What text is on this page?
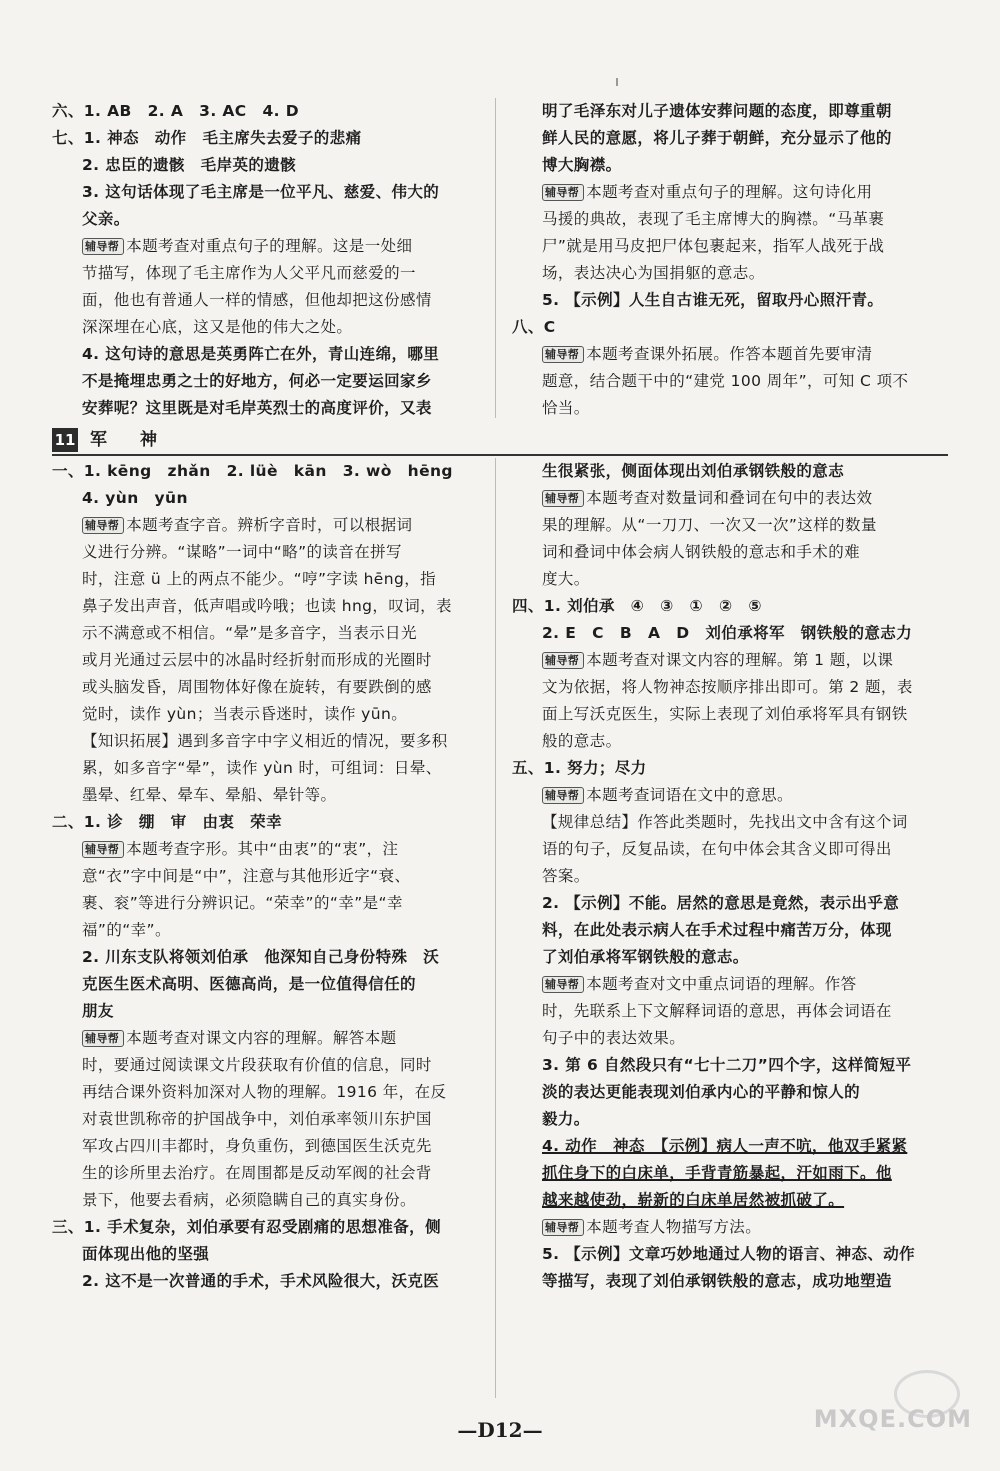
六、1. AB　2. A　3. AC　4. D

七、1. 神态　动作　毛主席失去爱子的悲痛

2. 忠臣的遗骸　毛岸英的遗骸

3. 这句话体现了毛主席是一位平凡、慈爱、伟大的

父亲。

辅导帮 本题考查对重点句子的理解。这是一处细

节描写，体现了毛主席作为人父平凡而慈爱的一

面，他也有普通人一样的情感，但他却把这份感情

深深埋在心底，这又是他的伟大之处。

4. 这句诗的意思是英勇阵亡在外，青山连绵，哪里

不是掩埋忠勇之士的好地方，何必一定要运回家乡

安葬呢？这里既是对毛岸英烈士的高度评价，又表

明了毛泽东对儿子遗体安葬问题的态度，即尊重朝

鲜人民的意愿，将儿子葬于朝鲜，充分显示了他的

博大胸襟。

辅导帮 本题考查对重点句子的理解。这句诗化用

马援的典故，表现了毛主席博大的胸襟。“马革裹

尸”就是用马皮把尸体包裹起来，指军人战死于战

场，表达决心为国捐躯的意志。

5. 【示例】人生自古谁无死，留取丹心照汗青。

八、C

辅导帮 本题考查课外拓展。作答本题首先要审清

题意，结合题干中的“建党 100 周年”，可知 C 项不

恰当。

11 军　神

一、1. kēng　zhǎn　2. lüè　kān　3. wò　hēng

4. yùn　yūn

辅导帮 本题考查字音。辨析字音时，可以根据词

义进行分辨。“谋略”一词中“略”的读音在拼写

时，注意 ü 上的两点不能少。“哼”字读 hēng，指

鼻子发出声音，低声唱或吟哦；也读 hng，叹词，表

示不满意或不相信。“晕”是多音字，当表示日光

或月光通过云层中的冰晶时经折射而形成的光圈时

或头脑发昏，周围物体好像在旋转，有要跌倒的感

觉时，读作 yùn；当表示昏迷时，读作 yūn。

【知识拓展】遇到多音字中字义相近的情况，要多积

累，如多音字“晕”，读作 yùn 时，可组词：日晕、

墨晕、红晕、晕车、晕船、晕针等。

二、1. 诊　绷　审　由衷　荣幸

辅导帮 本题考查字形。其中“由衷”的“衷”，注

意“衣”字中间是“中”，注意与其他形近字“衰、

裹、衮”等进行分辨识记。“荣幸”的“幸”是“幸

福”的“幸”。

2. 川东支队将领刘伯承　他深知自己身份特殊　沃

克医生医术高明、医德高尚，是一位值得信任的

朋友

辅导帮 本题考查对课文内容的理解。解答本题

时，要通过阅读课文片段获取有价值的信息，同时

再结合课外资料加深对人物的理解。1916 年，在反

对袁世凯称帝的护国战争中，刘伯承率领川东护国

军攻占四川丰都时，身负重伤，到德国医生沃克先

生的诊所里去治疗。在周围都是反动军阀的社会背

景下，他要去看病，必须隐瞒自己的真实身份。

三、1. 手术复杂，刘伯承要有忍受剧痛的思想准备，侧

面体现出他的坚强

2. 这不是一次普通的手术，手术风险很大，沃克医

生很紧张，侧面体现出刘伯承钢铁般的意志

辅导帮 本题考查对数量词和叠词在句中的表达效

果的理解。从“一刀刀、一次又一次”这样的数量

词和叠词中体会病人钢铁般的意志和手术的难

度大。

四、1. 刘伯承　④　③　①　②　⑤

2. E　C　B　A　D　刘伯承将军　钢铁般的意志力

辅导帮 本题考查对课文内容的理解。第 1 题，以课

文为依据，将人物神态按顺序排出即可。第 2 题，表

面上写沃克医生，实际上表现了刘伯承将军具有钢铁

般的意志。

五、1. 努力；尽力

辅导帮 本题考查词语在文中的意思。

【规律总结】作答此类题时，先找出文中含有这个词

语的句子，反复品读，在句中体会其含义即可得出

答案。

2. 【示例】不能。居然的意思是竟然，表示出乎意

料，在此处表示病人在手术过程中痛苦万分，体现

了刘伯承将军钢铁般的意志。

辅导帮 本题考查对文中重点词语的理解。作答

时，先联系上下文解释词语的意思，再体会词语在

句子中的表达效果。

3. 第 6 自然段只有“七十二刀”四个字，这样简短平

淡的表达更能表现刘伯承内心的平静和惊人的

毅力。

4. 动作　神态　【示例】病人一声不吭，他双手紧紧

抓住身下的白床单，手背青筋暴起，汗如雨下。他

越来越使劲，崭新的白床单居然被抓破了。

辅导帮 本题考查人物描写方法。

5. 【示例】文章巧妙地通过人物的语言、神态、动作

等描写，表现了刘伯承钢铁般的意志，成功地塑造

—D12—	MXQE.COM
